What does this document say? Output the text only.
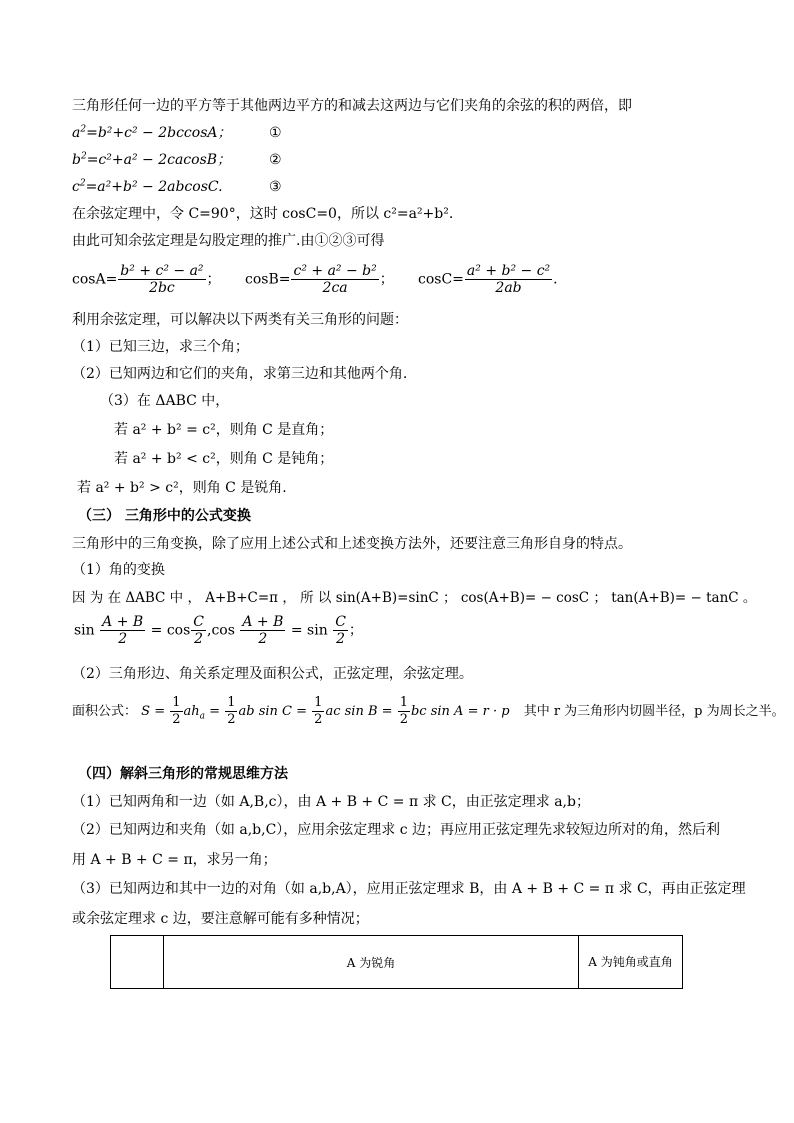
三角形任何一边的平方等于其他两边平方的和减去这两边与它们夹角的余弦的积的两倍，即
$a^2=b^2+c^2 - 2bccosA$；	①
$b^2=c^2+a^2 - 2cacosB$；	②
$c^2=a^2+b^2 - 2abcosC$.	③
在余弦定理中，令 C=90°，这时 cosC=0，所以 c²=a²+b².
由此可知余弦定理是勾股定理的推广.由①②③可得
$\cos A= \frac{\text{b² + c² − a²}}{2bc}$ ； $\cos B= \frac{\text{c² + a² − b²}}{2ca}$ ； $\cos C= \frac{\text{a² + b² − c²}}{2ab}$ .
利用余弦定理，可以解决以下两类有关三角形的问题：
（1）已知三边，求三个角；
（2）已知两边和它们的夹角，求第三边和其他两个角.
（3）在 ΔABC 中，
若 a² + b² = c²，则角 C 是直角；
若 a² + b² < c²，则角 C 是钝角；
若 a² + b² > c²，则角 C 是锐角.
（三） 三角形中的公式变换
三角形中的三角变换，除了应用上述公式和上述变换方法外，还要注意三角形自身的特点。
（1）角的变换
因 为 在 ΔABC 中 ， A+B+C=π ， 所 以 sin(A+B)=sinC ； cos(A+B)= − cosC ； tan(A+B)= − tanC 。
$\sin \frac{A + B}{2} = \cos \frac{C}{2} ,\cos \frac{A + B}{2} = \sin \frac{C}{2}$ ；
（2）三角形边、角关系定理及面积公式，正弦定理，余弦定理。
面积公式： $S = \frac{1}{2} ah_a = \frac{1}{2}$ ab $\sin C = \frac{1}{2}$ ac $\sin B = \frac{1}{2}$ bc sin A = r · p 其中 r 为三角形内切圆半径，p 为周长之半。
（四）解斜三角形的常规思维方法
（1）已知两角和一边（如 A,B,c），由 A + B + C = π 求 C，由正弦定理求 a,b；
（2）已知两边和夹角（如 a,b,C），应用余弦定理求 c 边；再应用正弦定理先求较短边所对的角，然后利
用 A + B + C = π，求另一角；
（3）已知两边和其中一边的对角（如 a,b,A），应用正弦定理求 B，由 A + B + C = π 求 C，再由正弦定理
或余弦定理求 c 边，要注意解可能有多种情况；
	A 为锐角	A 为钝角或直角
